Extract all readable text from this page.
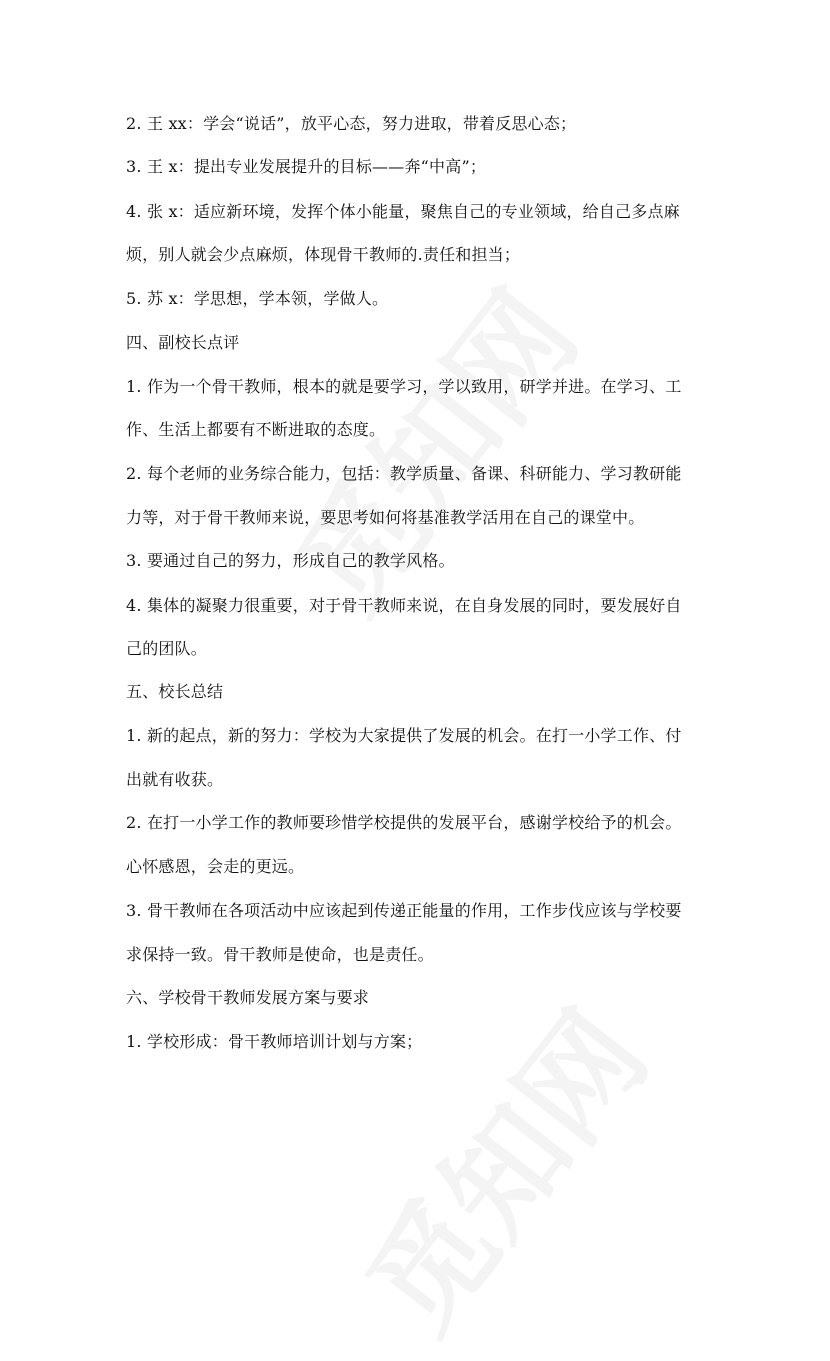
2. 王 xx：学会“说话”，放平心态，努力进取，带着反思心态；
3. 王 x：提出专业发展提升的目标——奔“中高”；
4. 张 x：适应新环境，发挥个体小能量，聚焦自己的专业领域，给自己多点麻
烦，别人就会少点麻烦，体现骨干教师的.责任和担当；
5. 苏 x：学思想，学本领，学做人。
四、副校长点评
1. 作为一个骨干教师，根本的就是要学习，学以致用，研学并进。在学习、工
作、生活上都要有不断进取的态度。
2. 每个老师的业务综合能力，包括：教学质量、备课、科研能力、学习教研能
力等，对于骨干教师来说，要思考如何将基准教学活用在自己的课堂中。
3. 要通过自己的努力，形成自己的教学风格。
4. 集体的凝聚力很重要，对于骨干教师来说，在自身发展的同时，要发展好自
己的团队。
五、校长总结
1. 新的起点，新的努力：学校为大家提供了发展的机会。在打一小学工作、付
出就有收获。
2. 在打一小学工作的教师要珍惜学校提供的发展平台，感谢学校给予的机会。
心怀感恩，会走的更远。
3. 骨干教师在各项活动中应该起到传递正能量的作用，工作步伐应该与学校要
求保持一致。骨干教师是使命，也是责任。
六、学校骨干教师发展方案与要求
1. 学校形成：骨干教师培训计划与方案；
